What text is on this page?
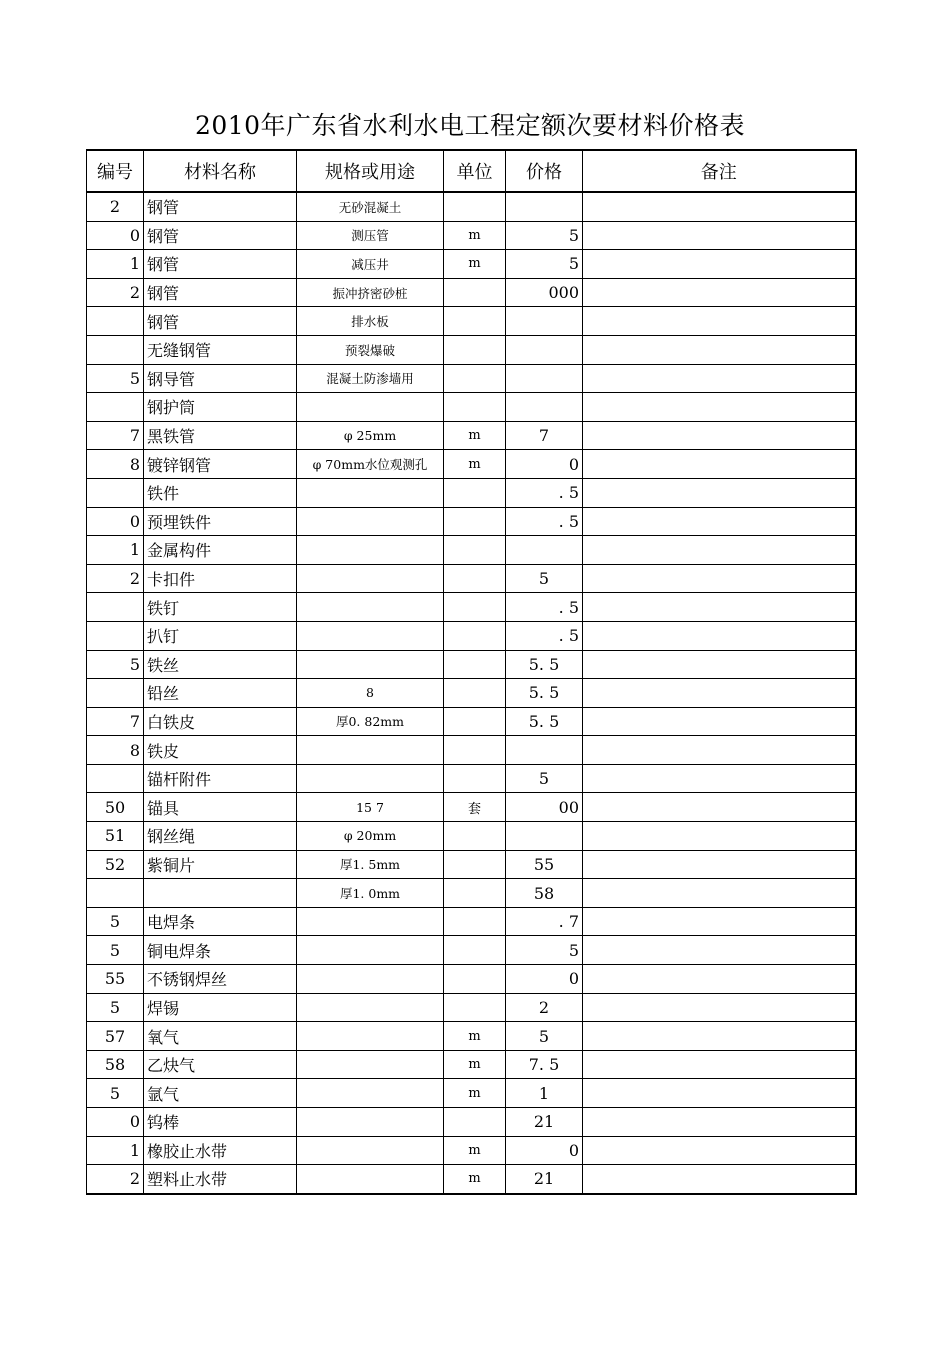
2010年广东省水利水电工程定额次要材料价格表
编号	材料名称	规格或用途	单位	价格	备注
2	钢管	无砂混凝土			
0	钢管	测压管	m	5	
1	钢管	减压井	m	5	
2	钢管	振冲挤密砂桩		000	
	钢管	排水板			
	无缝钢管	预裂爆破			
5	钢导管	混凝土防渗墙用			
	钢护筒				
7	黑铁管	φ 25mm	m	7	
8	镀锌钢管	φ 70mm水位观测孔	m	0	
	铁件			. 5	
0	预埋铁件			. 5	
1	金属构件				
2	卡扣件			5	
	铁钉			. 5	
	扒钉			. 5	
5	铁丝			5. 5	
	铅丝	8		5. 5	
7	白铁皮	厚0. 82mm		5. 5	
8	铁皮				
	锚杆附件			5	
50	锚具	15 7	套	00	
51	钢丝绳	φ 20mm			
52	紫铜片	厚1. 5mm		55	
		厚1. 0mm		58	
5	电焊条			. 7	
5	铜电焊条			5	
55	不锈钢焊丝			0	
5	焊锡			2	
57	氧气		m	5	
58	乙炔气		m	7. 5	
5	氩气		m	1	
0	钨棒			21	
1	橡胶止水带		m	0	
2	塑料止水带		m	21	
